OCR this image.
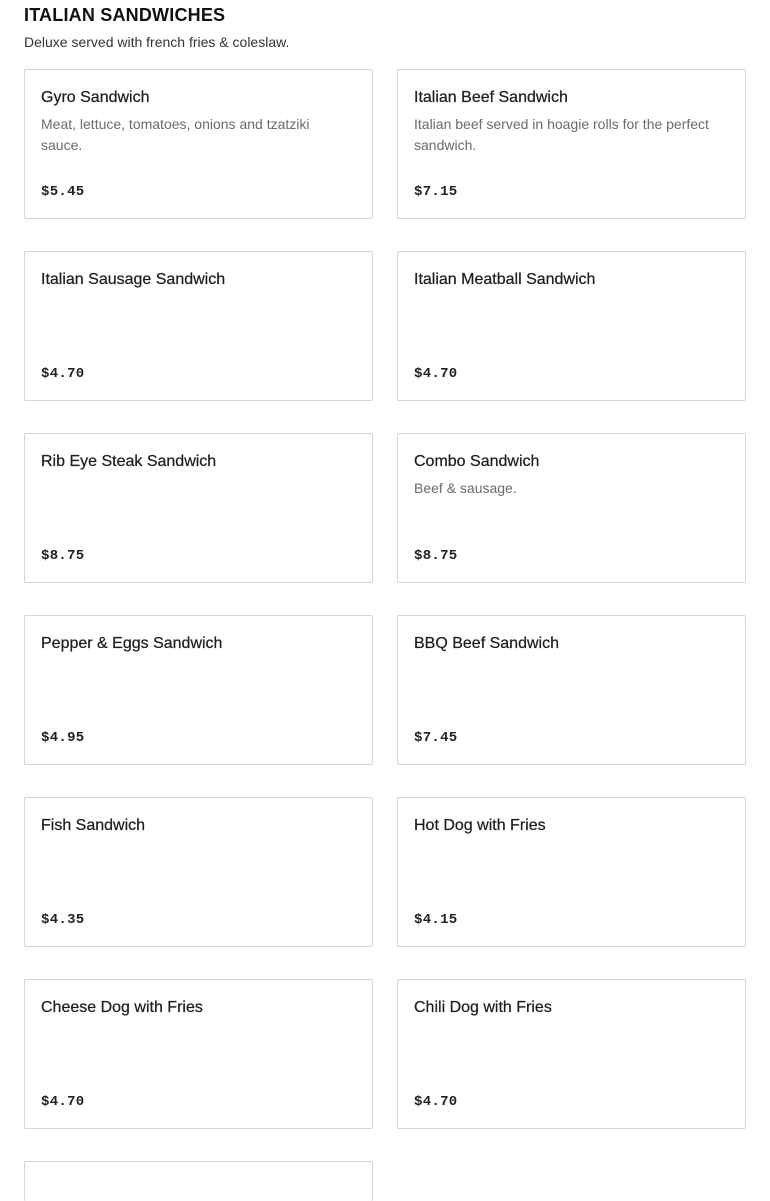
ITALIAN SANDWICHES
Deluxe served with french fries & coleslaw.
Gyro Sandwich
Meat, lettuce, tomatoes, onions and tzatziki sauce.
$5.45
Italian Beef Sandwich
Italian beef served in hoagie rolls for the perfect sandwich.
$7.15
Italian Sausage Sandwich
$4.70
Italian Meatball Sandwich
$4.70
Rib Eye Steak Sandwich
$8.75
Combo Sandwich
Beef & sausage.
$8.75
Pepper & Eggs Sandwich
$4.95
BBQ Beef Sandwich
$7.45
Fish Sandwich
$4.35
Hot Dog with Fries
$4.15
Cheese Dog with Fries
$4.70
Chili Dog with Fries
$4.70
